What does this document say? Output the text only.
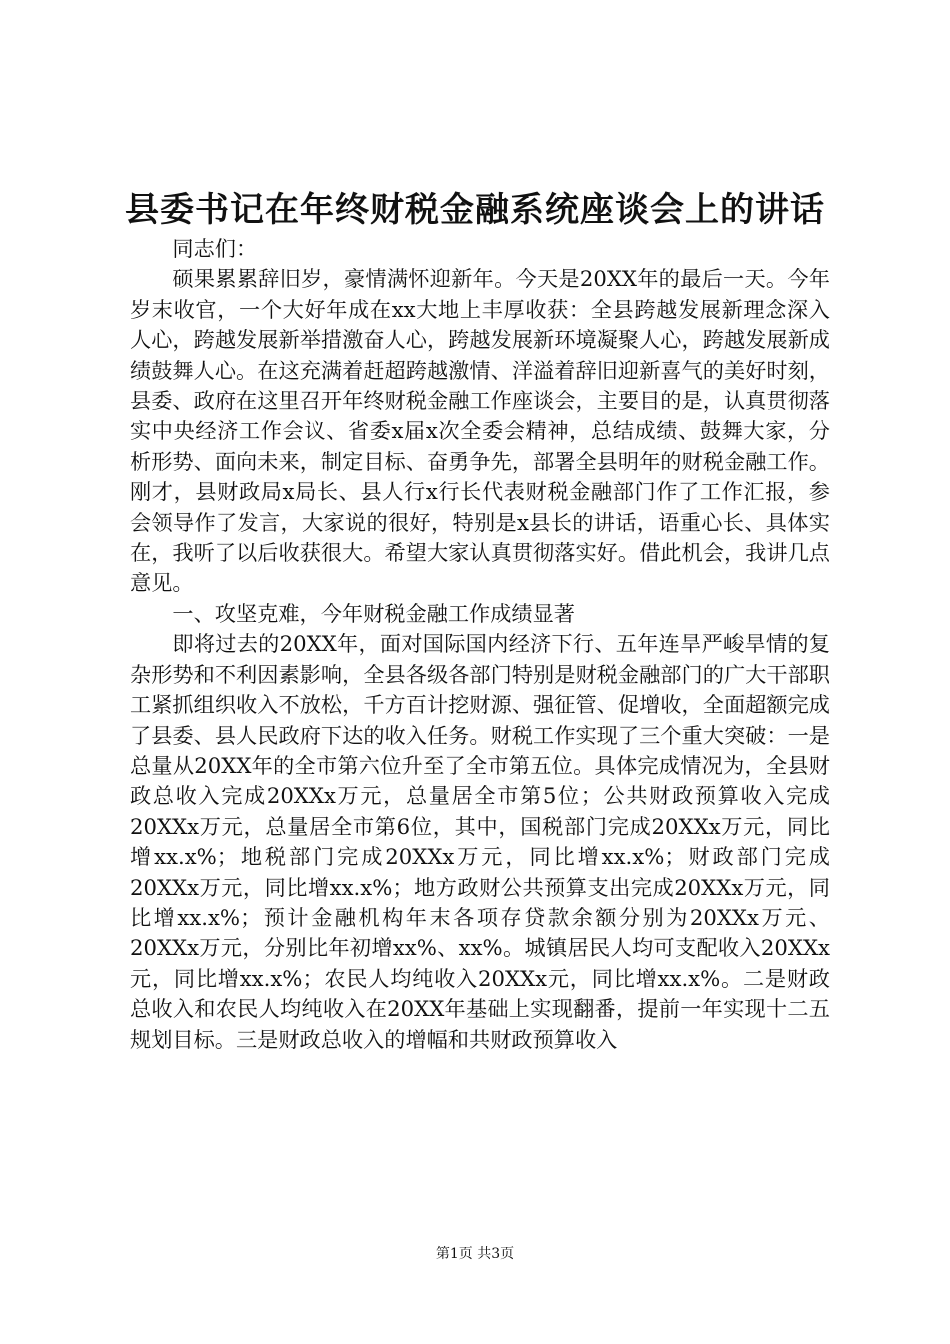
县委书记在年终财税金融系统座谈会上的讲话

同志们：

硕果累累辞旧岁，豪情满怀迎新年。今天是20XX年的最后一天。今年岁末收官，一个大好年成在xx大地上丰厚收获：全县跨越发展新理念深入人心，跨越发展新举措激奋人心，跨越发展新环境凝聚人心，跨越发展新成绩鼓舞人心。在这充满着赶超跨越激情、洋溢着辞旧迎新喜气的美好时刻，县委、政府在这里召开年终财税金融工作座谈会，主要目的是，认真贯彻落实中央经济工作会议、省委x届x次全委会精神，总结成绩、鼓舞大家，分析形势、面向未来，制定目标、奋勇争先，部署全县明年的财税金融工作。刚才，县财政局x局长、县人行x行长代表财税金融部门作了工作汇报，参会领导作了发言，大家说的很好，特别是x县长的讲话，语重心长、具体实在，我听了以后收获很大。希望大家认真贯彻落实好。借此机会，我讲几点意见。

一、攻坚克难，今年财税金融工作成绩显著

即将过去的20XX年，面对国际国内经济下行、五年连旱严峻旱情的复杂形势和不利因素影响，全县各级各部门特别是财税金融部门的广大干部职工紧抓组织收入不放松，千方百计挖财源、强征管、促增收，全面超额完成了县委、县人民政府下达的收入任务。财税工作实现了三个重大突破：一是总量从20XX年的全市第六位升至了全市第五位。具体完成情况为，全县财政总收入完成20XXx万元，总量居全市第5位；公共财政预算收入完成20XXx万元，总量居全市第6位，其中，国税部门完成20XXx万元，同比增xx.x%；地税部门完成20XXx万元，同比增xx.x%；财政部门完成20XXx万元，同比增xx.x%；地方政财公共预算支出完成20XXx万元，同比增xx.x%；预计金融机构年末各项存贷款余额分别为20XXx万元、20XXx万元，分别比年初增xx%、xx%。城镇居民人均可支配收入20XXx元，同比增xx.x%；农民人均纯收入20XXx元，同比增xx.x%。二是财政总收入和农民人均纯收入在20XX年基础上实现翻番，提前一年实现十二五规划目标。三是财政总收入的增幅和共财政预算收入

第1页 共3页
